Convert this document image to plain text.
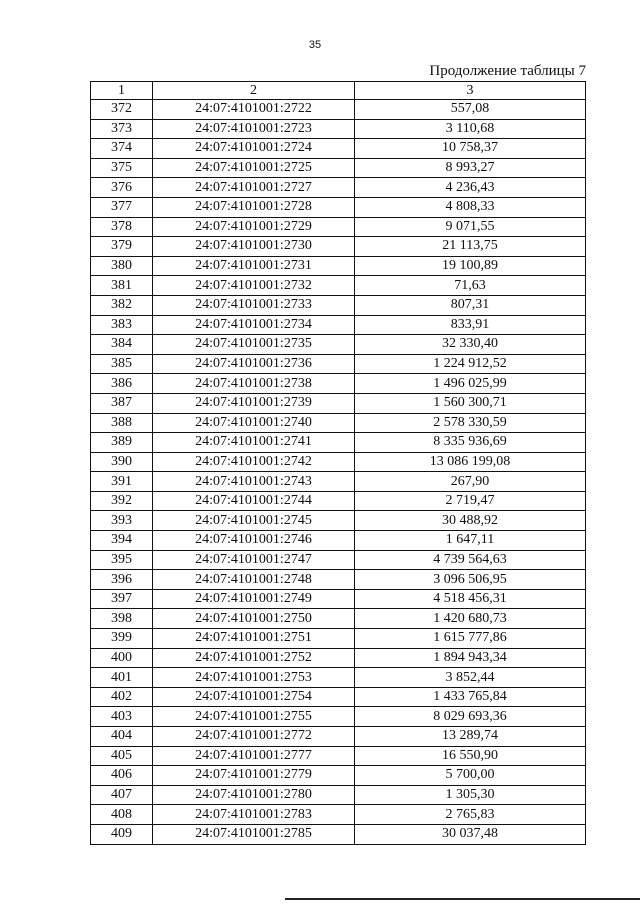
35
Продолжение таблицы 7
1	2	3
372	24:07:4101001:2722	557,08
373	24:07:4101001:2723	3 110,68
374	24:07:4101001:2724	10 758,37
375	24:07:4101001:2725	8 993,27
376	24:07:4101001:2727	4 236,43
377	24:07:4101001:2728	4 808,33
378	24:07:4101001:2729	9 071,55
379	24:07:4101001:2730	21 113,75
380	24:07:4101001:2731	19 100,89
381	24:07:4101001:2732	71,63
382	24:07:4101001:2733	807,31
383	24:07:4101001:2734	833,91
384	24:07:4101001:2735	32 330,40
385	24:07:4101001:2736	1 224 912,52
386	24:07:4101001:2738	1 496 025,99
387	24:07:4101001:2739	1 560 300,71
388	24:07:4101001:2740	2 578 330,59
389	24:07:4101001:2741	8 335 936,69
390	24:07:4101001:2742	13 086 199,08
391	24:07:4101001:2743	267,90
392	24:07:4101001:2744	2 719,47
393	24:07:4101001:2745	30 488,92
394	24:07:4101001:2746	1 647,11
395	24:07:4101001:2747	4 739 564,63
396	24:07:4101001:2748	3 096 506,95
397	24:07:4101001:2749	4 518 456,31
398	24:07:4101001:2750	1 420 680,73
399	24:07:4101001:2751	1 615 777,86
400	24:07:4101001:2752	1 894 943,34
401	24:07:4101001:2753	3 852,44
402	24:07:4101001:2754	1 433 765,84
403	24:07:4101001:2755	8 029 693,36
404	24:07:4101001:2772	13 289,74
405	24:07:4101001:2777	16 550,90
406	24:07:4101001:2779	5 700,00
407	24:07:4101001:2780	1 305,30
408	24:07:4101001:2783	2 765,83
409	24:07:4101001:2785	30 037,48
